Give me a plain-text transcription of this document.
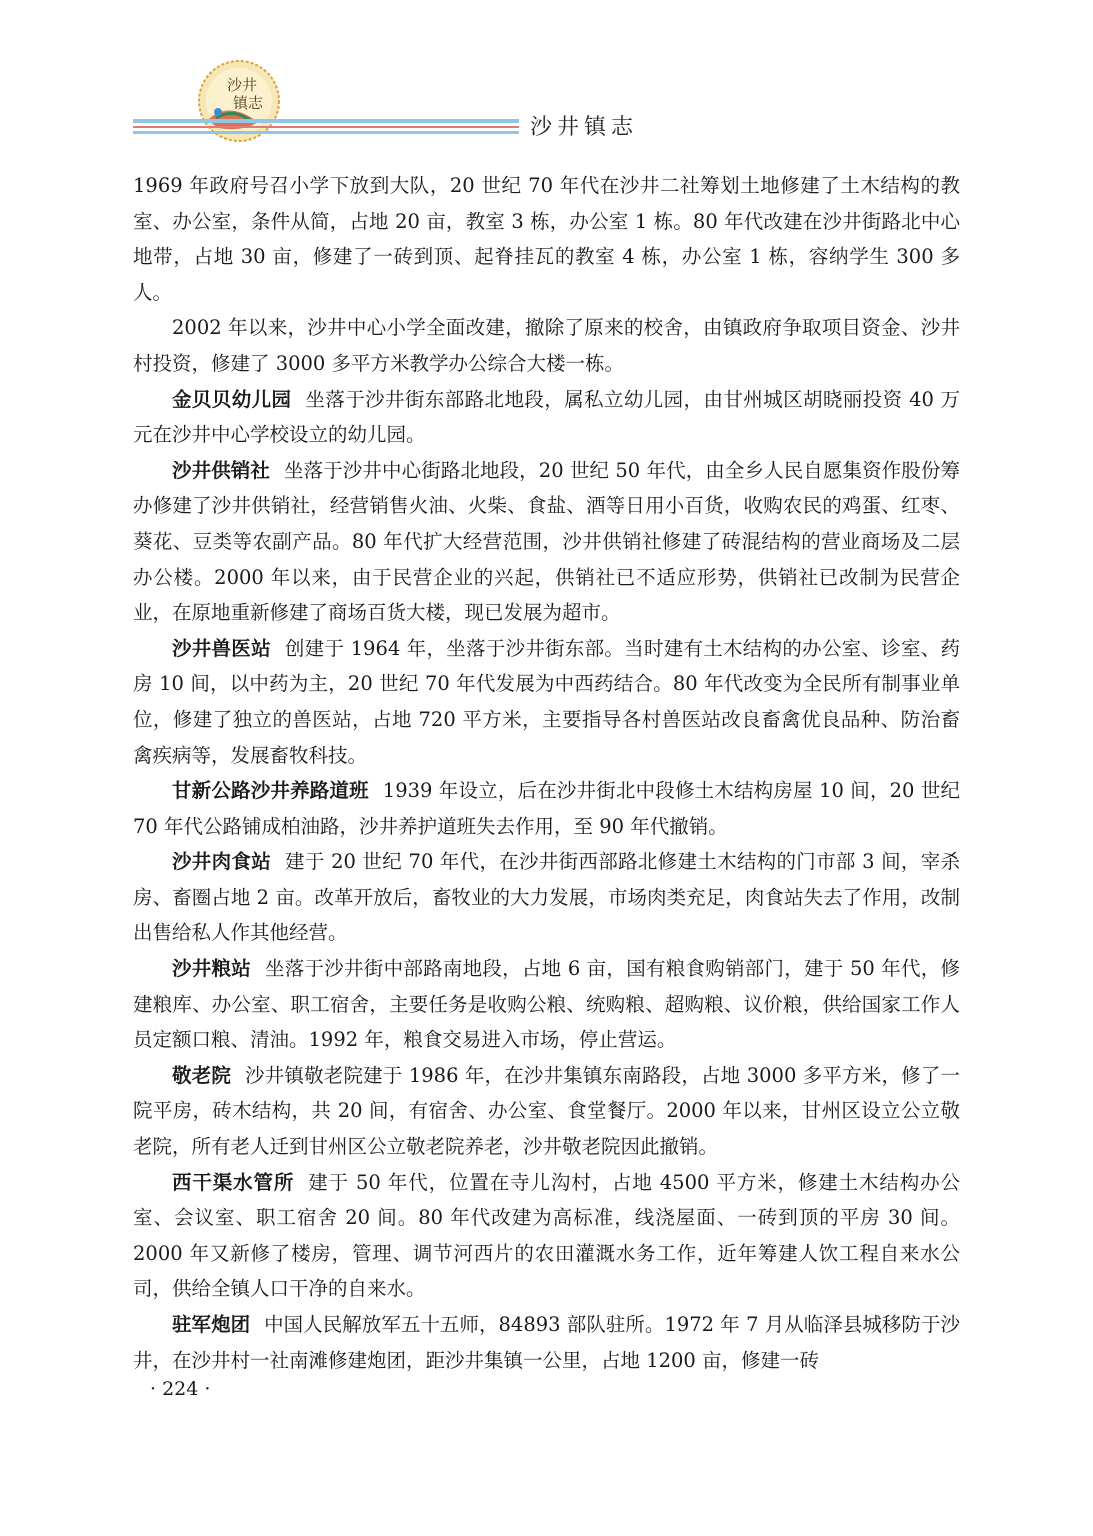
沙井
镇志
沙井镇志

1969 年政府号召小学下放到大队，20 世纪 70 年代在沙井二社筹划土地修建了土木结构的教室、办公室，条件从简，占地 20 亩，教室 3 栋，办公室 1 栋。80 年代改建在沙井街路北中心地带，占地 30 亩，修建了一砖到顶、起脊挂瓦的教室 4 栋，办公室 1 栋，容纳学生 300 多人。

2002 年以来，沙井中心小学全面改建，撤除了原来的校舍，由镇政府争取项目资金、沙井村投资，修建了 3000 多平方米教学办公综合大楼一栋。

金贝贝幼儿园 坐落于沙井街东部路北地段，属私立幼儿园，由甘州城区胡晓丽投资 40 万元在沙井中心学校设立的幼儿园。

沙井供销社 坐落于沙井中心街路北地段，20 世纪 50 年代，由全乡人民自愿集资作股份筹办修建了沙井供销社，经营销售火油、火柴、食盐、酒等日用小百货，收购农民的鸡蛋、红枣、葵花、豆类等农副产品。80 年代扩大经营范围，沙井供销社修建了砖混结构的营业商场及二层办公楼。2000 年以来，由于民营企业的兴起，供销社已不适应形势，供销社已改制为民营企业，在原地重新修建了商场百货大楼，现已发展为超市。

沙井兽医站 创建于 1964 年，坐落于沙井街东部。当时建有土木结构的办公室、诊室、药房 10 间，以中药为主，20 世纪 70 年代发展为中西药结合。80 年代改变为全民所有制事业单位，修建了独立的兽医站，占地 720 平方米，主要指导各村兽医站改良畜禽优良品种、防治畜禽疾病等，发展畜牧科技。

甘新公路沙井养路道班 1939 年设立，后在沙井街北中段修土木结构房屋 10 间，20 世纪 70 年代公路铺成柏油路，沙井养护道班失去作用，至 90 年代撤销。

沙井肉食站 建于 20 世纪 70 年代，在沙井街西部路北修建土木结构的门市部 3 间，宰杀房、畜圈占地 2 亩。改革开放后，畜牧业的大力发展，市场肉类充足，肉食站失去了作用，改制出售给私人作其他经营。

沙井粮站 坐落于沙井街中部路南地段，占地 6 亩，国有粮食购销部门，建于 50 年代，修建粮库、办公室、职工宿舍，主要任务是收购公粮、统购粮、超购粮、议价粮，供给国家工作人员定额口粮、清油。1992 年，粮食交易进入市场，停止营运。

敬老院 沙井镇敬老院建于 1986 年，在沙井集镇东南路段，占地 3000 多平方米，修了一院平房，砖木结构，共 20 间，有宿舍、办公室、食堂餐厅。2000 年以来，甘州区设立公立敬老院，所有老人迁到甘州区公立敬老院养老，沙井敬老院因此撤销。

西干渠水管所 建于 50 年代，位置在寺儿沟村，占地 4500 平方米，修建土木结构办公室、会议室、职工宿舍 20 间。80 年代改建为高标准，线浇屋面、一砖到顶的平房 30 间。2000 年又新修了楼房，管理、调节河西片的农田灌溉水务工作，近年筹建人饮工程自来水公司，供给全镇人口干净的自来水。

驻军炮团 中国人民解放军五十五师，84893 部队驻所。1972 年 7 月从临泽县城移防于沙井，在沙井村一社南滩修建炮团，距沙井集镇一公里，占地 1200 亩，修建一砖

· 224 ·
